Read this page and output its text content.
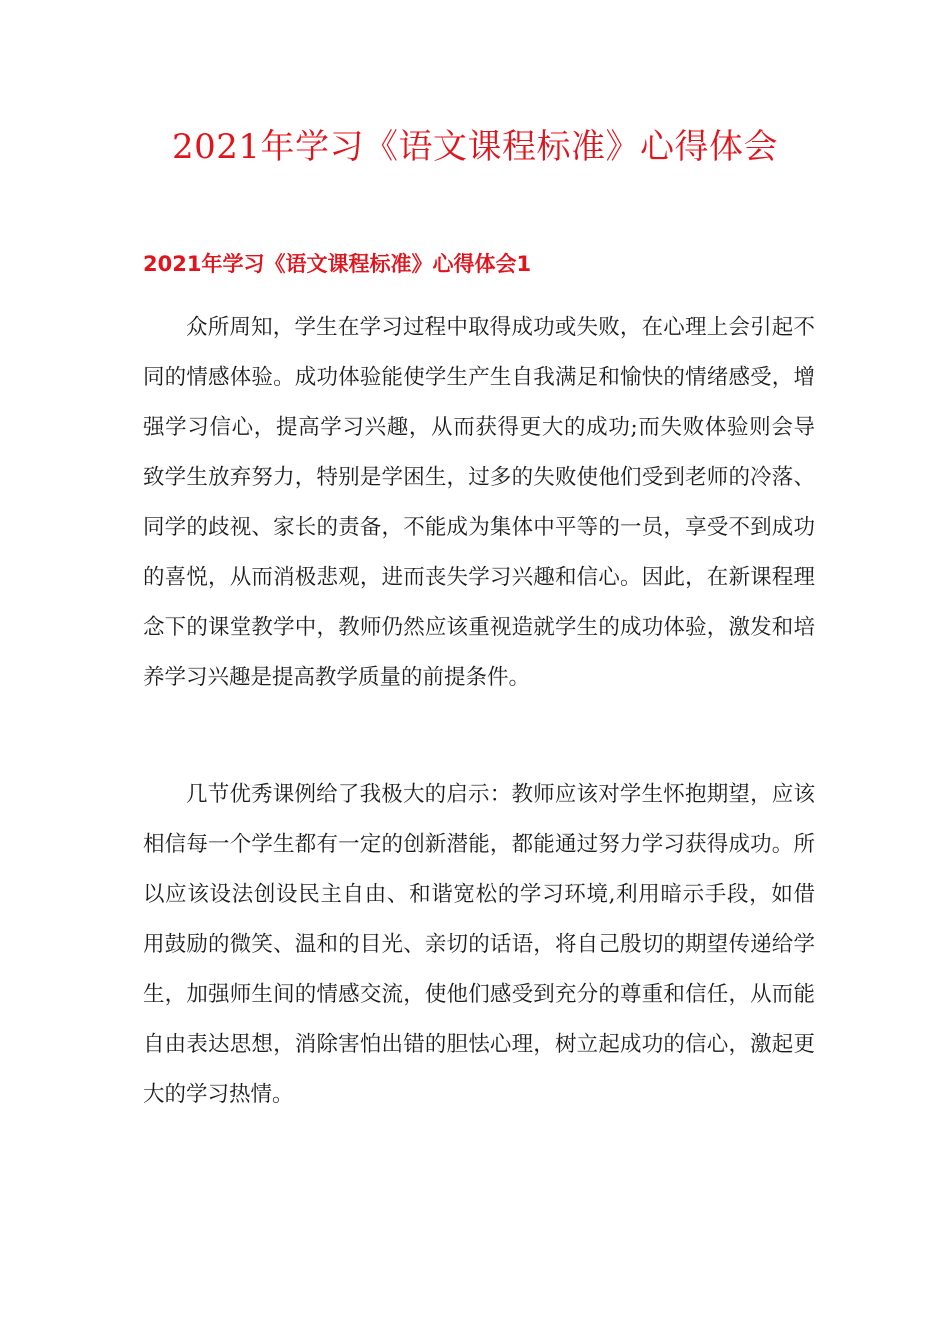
2021年学习《语文课程标准》心得体会
2021年学习《语文课程标准》心得体会1

众所周知，学生在学习过程中取得成功或失败，在心理上会引起不同的情感体验。成功体验能使学生产生自我满足和愉快的情绪感受，增强学习信心，提高学习兴趣，从而获得更大的成功;而失败体验则会导致学生放弃努力，特别是学困生，过多的失败使他们受到老师的冷落、同学的歧视、家长的责备，不能成为集体中平等的一员，享受不到成功的喜悦，从而消极悲观，进而丧失学习兴趣和信心。因此，在新课程理念下的课堂教学中，教师仍然应该重视造就学生的成功体验，激发和培养学习兴趣是提高教学质量的前提条件。

几节优秀课例给了我极大的启示：教师应该对学生怀抱期望，应该相信每一个学生都有一定的创新潜能，都能通过努力学习获得成功。所以应该设法创设民主自由、和谐宽松的学习环境,利用暗示手段，如借用鼓励的微笑、温和的目光、亲切的话语，将自己殷切的期望传递给学生，加强师生间的情感交流，使他们感受到充分的尊重和信任，从而能自由表达思想，消除害怕出错的胆怯心理，树立起成功的信心，激起更大的学习热情。
